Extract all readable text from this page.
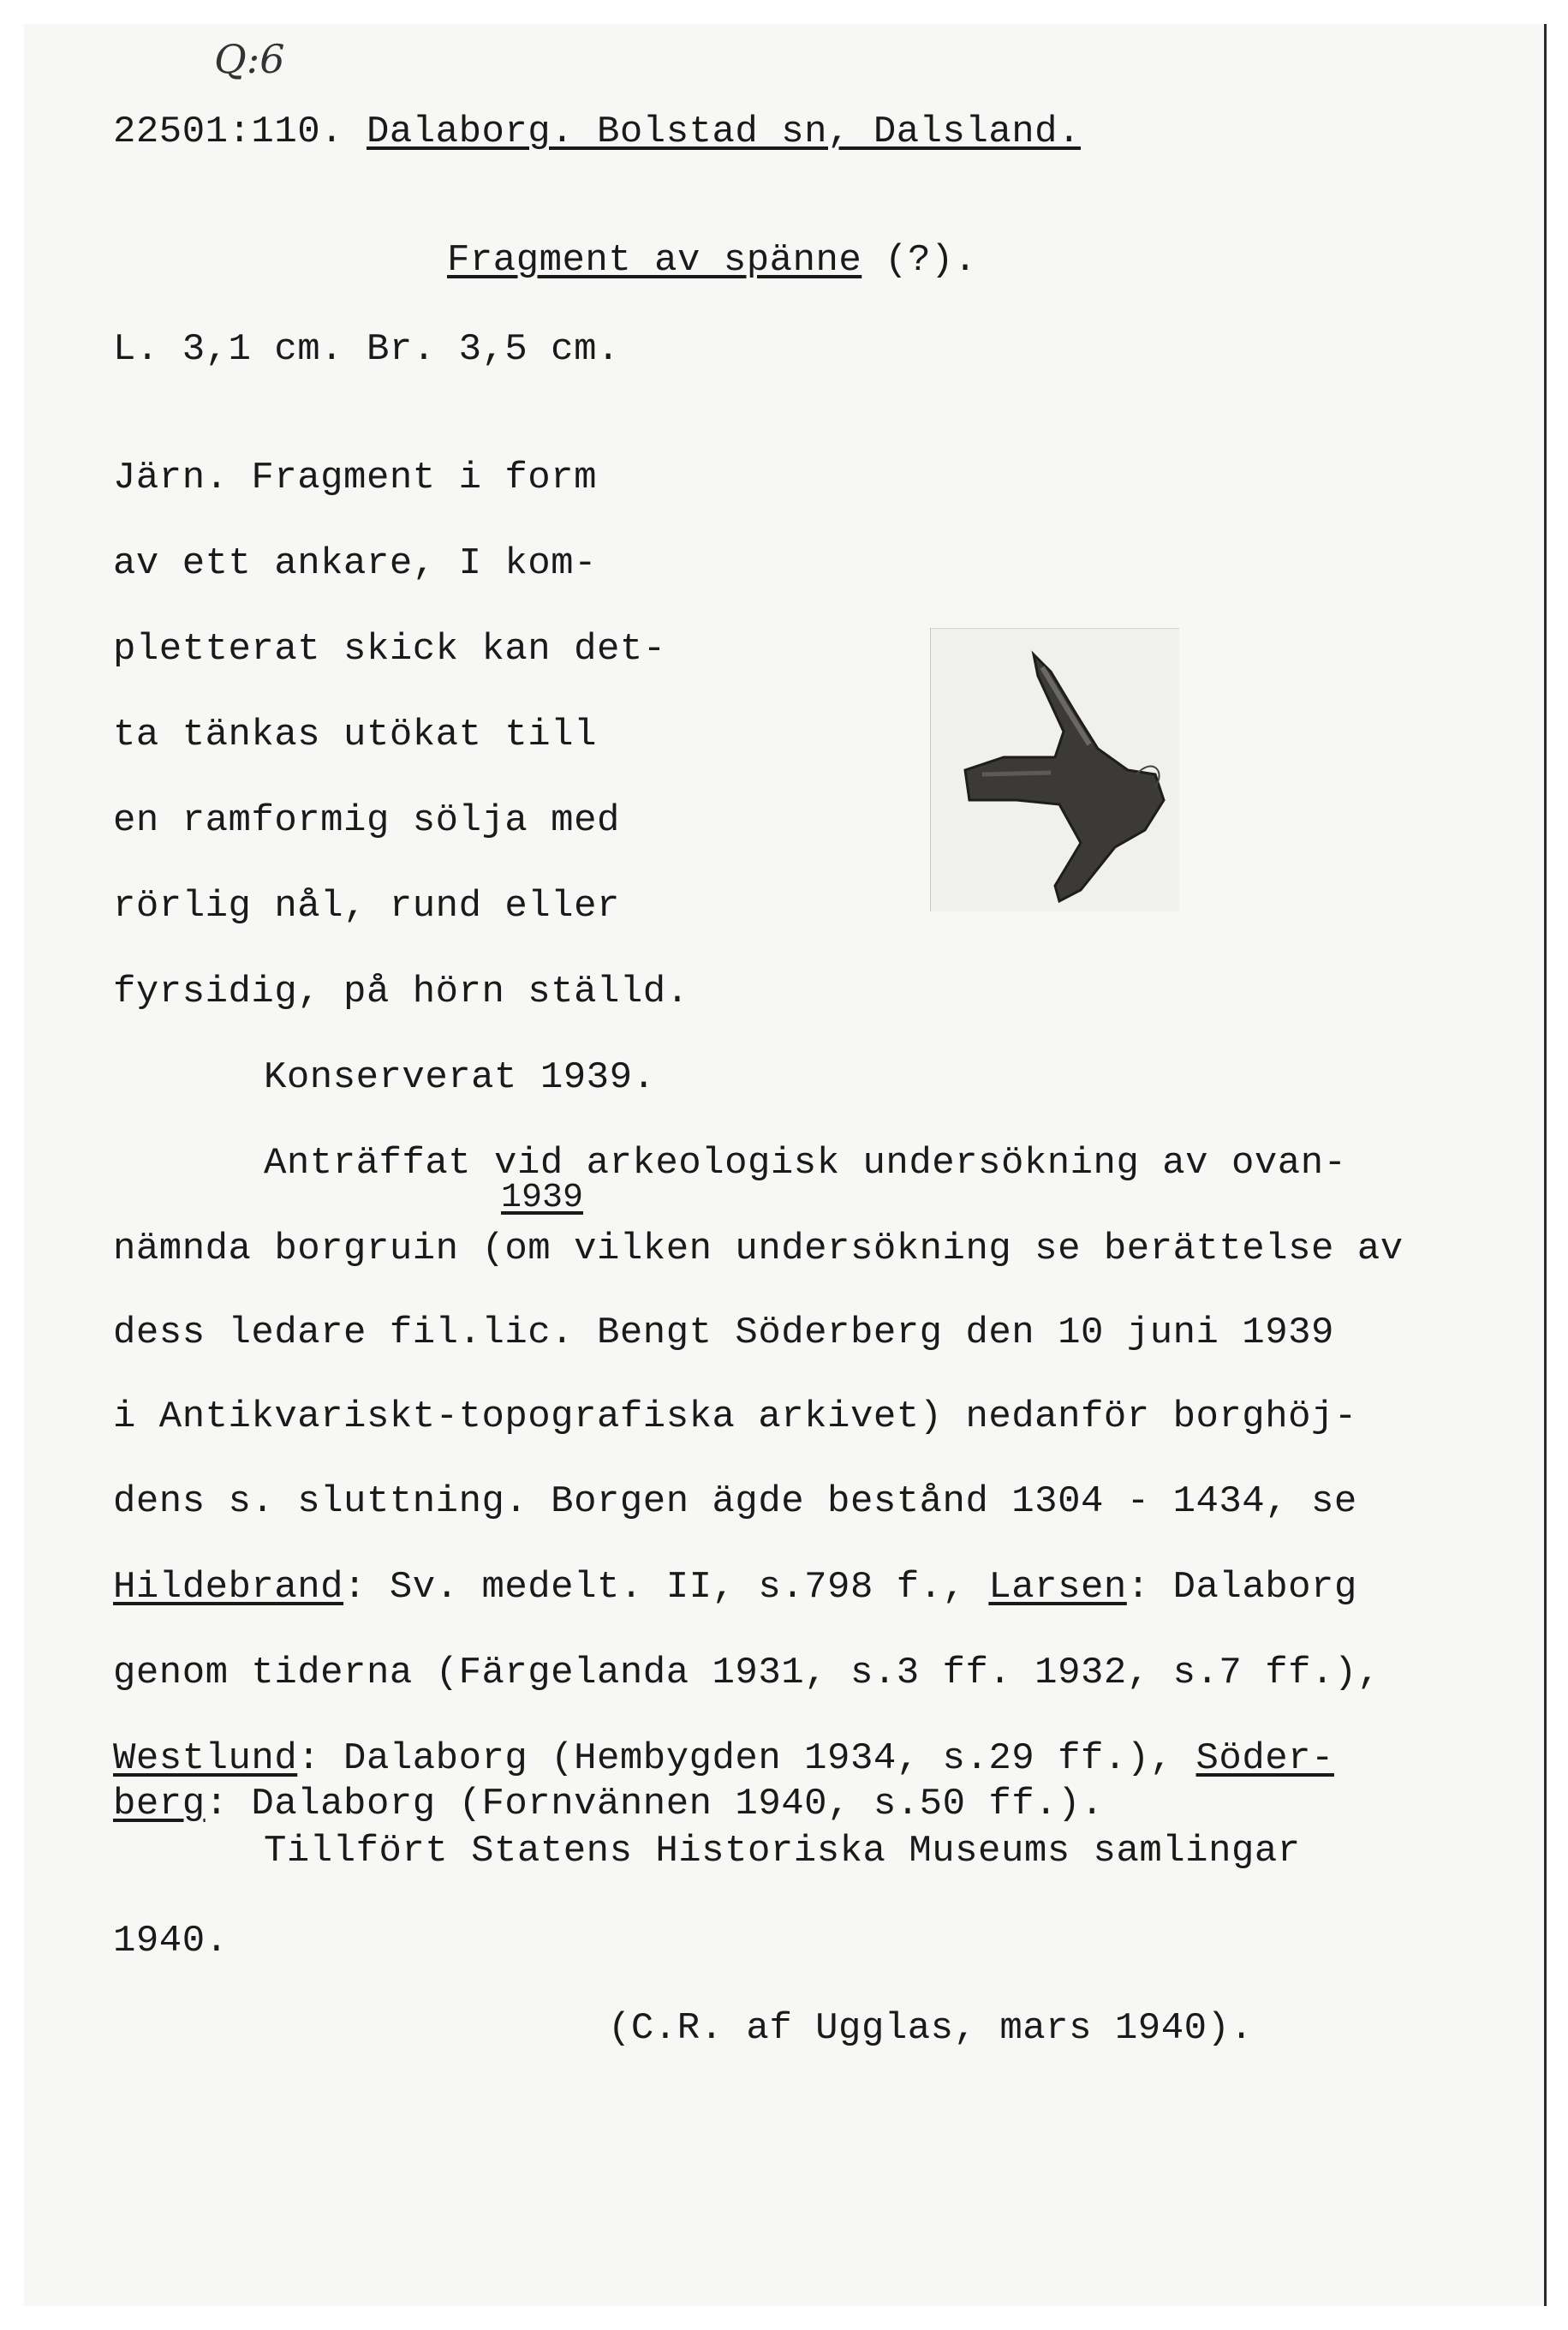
Q:6
22501:110. Dalaborg. Bolstad sn, Dalsland.
Fragment av spänne (?).
L. 3,1 cm. Br. 3,5 cm.
Järn. Fragment i form
av ett ankare, I kom-
pletterat skick kan det-
ta tänkas utökat till
en ramformig sölja med
rörlig nål, rund eller
fyrsidig, på hörn ställd.
Konserverat 1939.
Anträffat vid arkeologisk undersökning av ovan-
1939
nämnda borgruin (om vilken undersökning se berättelse av
dess ledare fil.lic. Bengt Söderberg den 10 juni 1939
i Antikvariskt-topografiska arkivet) nedanför borghöj-
dens s. sluttning. Borgen ägde bestånd 1304 - 1434, se
Hildebrand: Sv. medelt. II, s.798 f., Larsen: Dalaborg
genom tiderna (Färgelanda 1931, s.3 ff. 1932, s.7 ff.),
Westlund: Dalaborg (Hembygden 1934, s.29 ff.), Söder-
berg: Dalaborg (Fornvännen 1940, s.50 ff.).
Tillfört Statens Historiska Museums samlingar
1940.
(C.R. af Ugglas, mars 1940).
